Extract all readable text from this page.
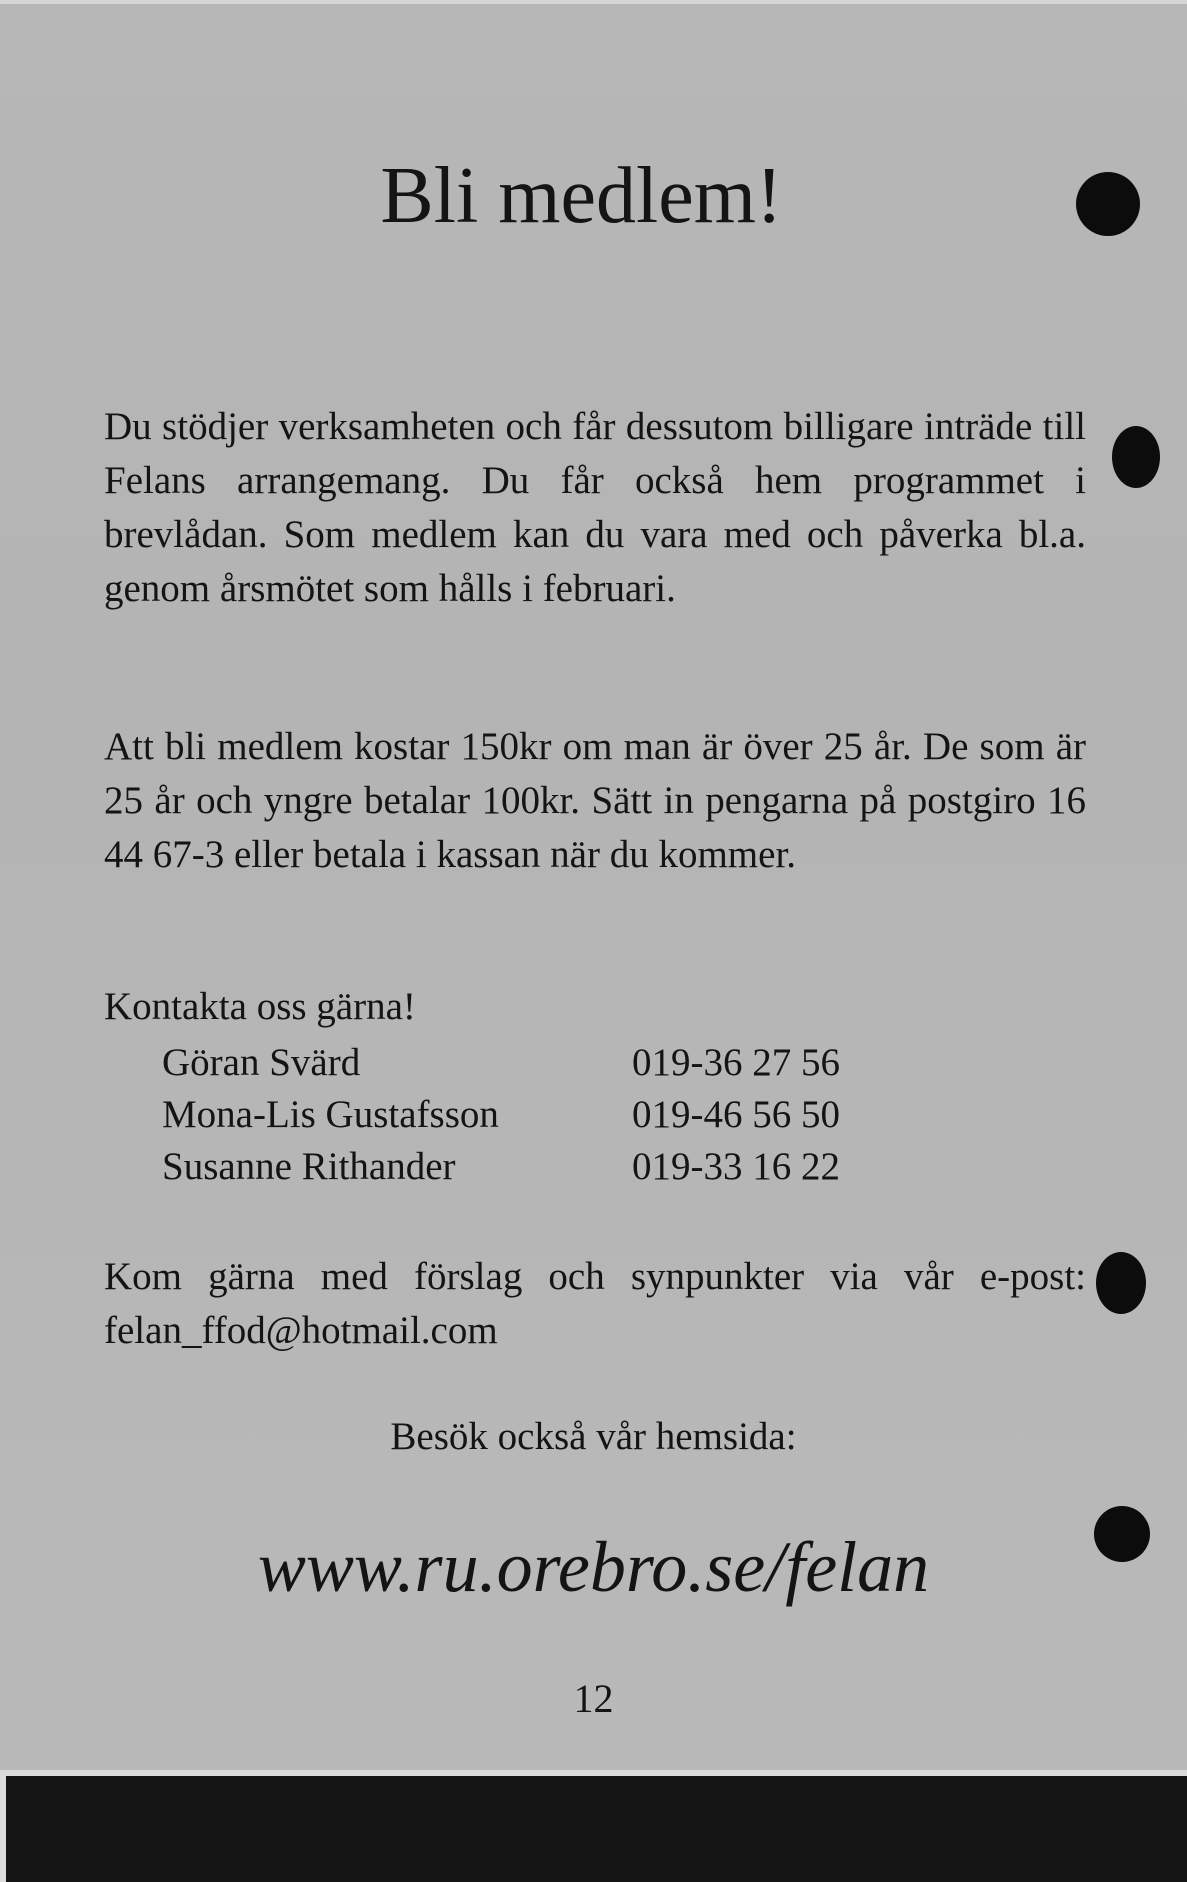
Bli medlem!
Du stödjer verksamheten och får dessutom billigare inträde till Felans arrangemang. Du får också hem programmet i brevlådan. Som medlem kan du vara med och påverka bl.a. genom årsmötet som hålls i februari.
Att bli medlem kostar 150kr om man är över 25 år. De som är 25 år och yngre betalar 100kr. Sätt in pengarna på postgiro 16 44 67-3 eller betala i kassan när du kommer.
Kontakta oss gärna!
Göran Svärd	019-36 27 56
Mona-Lis Gustafsson	019-46 56 50
Susanne Rithander	019-33 16 22
Kom gärna med förslag och synpunkter via vår e-post: felan_ffod@hotmail.com
Besök också vår hemsida:
www.ru.orebro.se/felan
12
